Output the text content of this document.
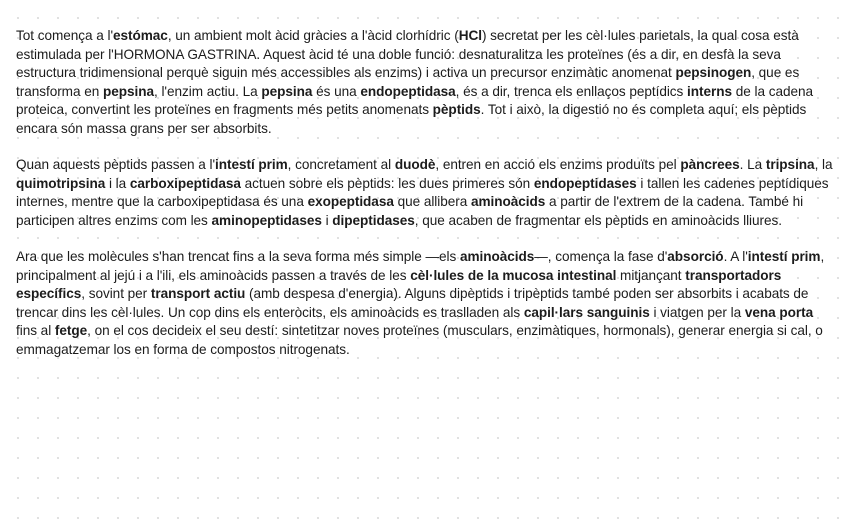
Tot comença a l'estómac, un ambient molt àcid gràcies a l'àcid clorhídric (HCl) secretat per les cèl·lules parietals, la qual cosa està estimulada per l'HORMONA GASTRINA. Aquest àcid té una doble funció: desnaturalitza les proteïnes (és a dir, en desfà la seva estructura tridimensional perquè siguin més accessibles als enzims) i activa un precursor enzimàtic anomenat pepsinogen, que es transforma en pepsina, l'enzim actiu. La pepsina és una endopeptidasa, és a dir, trenca els enllaços peptídics interns de la cadena proteica, convertint les proteïnes en fragments més petits anomenats pèptids. Tot i això, la digestió no és completa aquí; els pèptids encara són massa grans per ser absorbits.

Quan aquests pèptids passen a l'intestí prim, concretament al duodè, entren en acció els enzims produïts pel pàncrees. La tripsina, la quimotripsina i la carboxipeptidasa actuen sobre els pèptids: les dues primeres són endopeptidases i tallen les cadenes peptídiques internes, mentre que la carboxipeptidasa és una exopeptidasa que allibera aminoàcids a partir de l'extrem de la cadena. També hi participen altres enzims com les aminopeptidases i dipeptidases, que acaben de fragmentar els pèptids en aminoàcids lliures.

Ara que les molècules s'han trencat fins a la seva forma més simple —els aminoàcids—, comença la fase d'absorció. A l'intestí prim, principalment al jejú i a l'ili, els aminoàcids passen a través de les cèl·lules de la mucosa intestinal mitjançant transportadors específics, sovint per transport actiu (amb despesa d'energia). Alguns dipèptids i tripèptids també poden ser absorbits i acabats de trencar dins les cèl·lules. Un cop dins els enteròcits, els aminoàcids es traslladen als capil·lars sanguinis i viatgen per la vena porta fins al fetge, on el cos decideix el seu destí: sintetitzar noves proteïnes (musculars, enzimàtiques, hormonals), generar energia si cal, o emmagatzemar los en forma de compostos nitrogenats.
